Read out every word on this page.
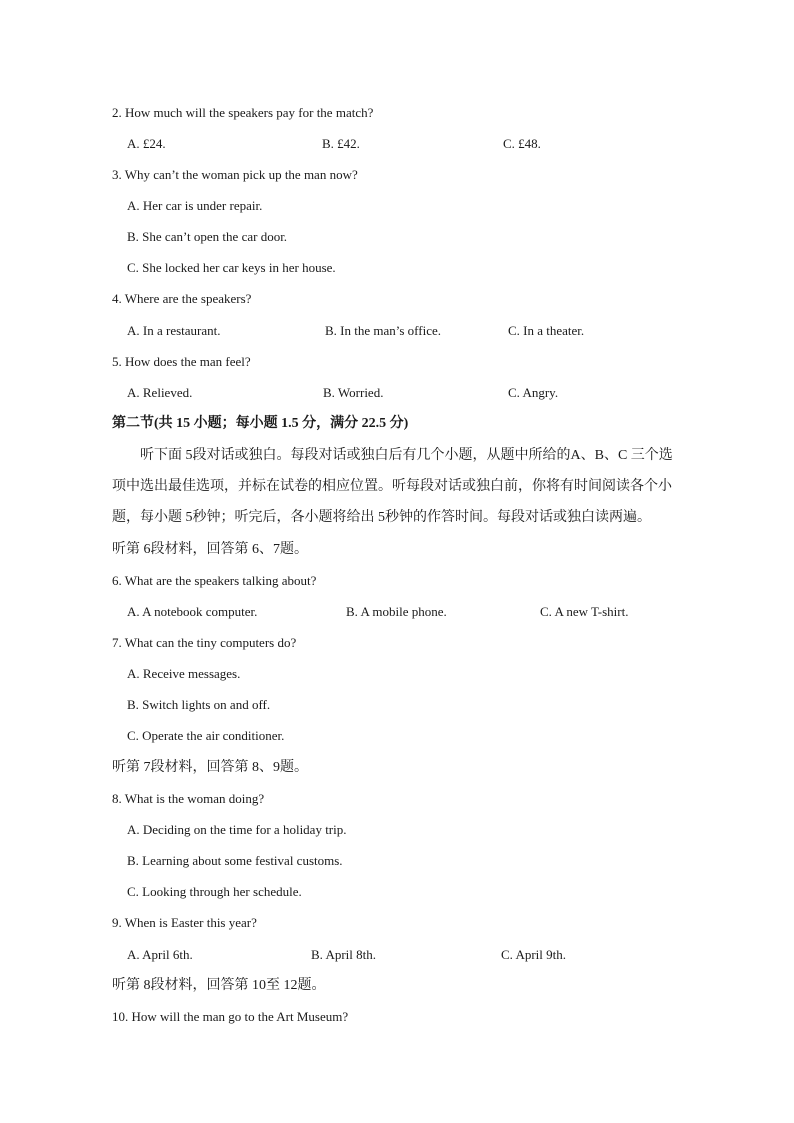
2. How much will the speakers pay for the match?
A. £24.	B. £42.	C. £48.
3. Why can’t the woman pick up the man now?
A. Her car is under repair.
B. She can’t open the car door.
C. She locked her car keys in her house.
4. Where are the speakers?
A. In a restaurant.	B. In the man’s office.	C. In a theater.
5. How does the man feel?
A. Relieved.	B. Worried.	C. Angry.
第二节(共 15 小题；每小题 1.5 分，满分 22.5 分)
听下面 5段对话或独白。每段对话或独白后有几个小题，从题中所给的A、B、C 三个选项中选出最佳选项，并标在试卷的相应位置。听每段对话或独白前，你将有时间阅读各个小题，每小题 5秒钟；听完后，各小题将给出 5秒钟的作答时间。每段对话或独白读两遍。
听第 6段材料，回答第 6、7题。
6. What are the speakers talking about?
A. A notebook computer.	B. A mobile phone.	C. A new T-shirt.
7. What can the tiny computers do?
A. Receive messages.
B. Switch lights on and off.
C. Operate the air conditioner.
听第 7段材料，回答第 8、9题。
8. What is the woman doing?
A. Deciding on the time for a holiday trip.
B. Learning about some festival customs.
C. Looking through her schedule.
9. When is Easter this year?
A. April 6th.	B. April 8th.	C. April 9th.
听第 8段材料，回答第 10至 12题。
10. How will the man go to the Art Museum?
